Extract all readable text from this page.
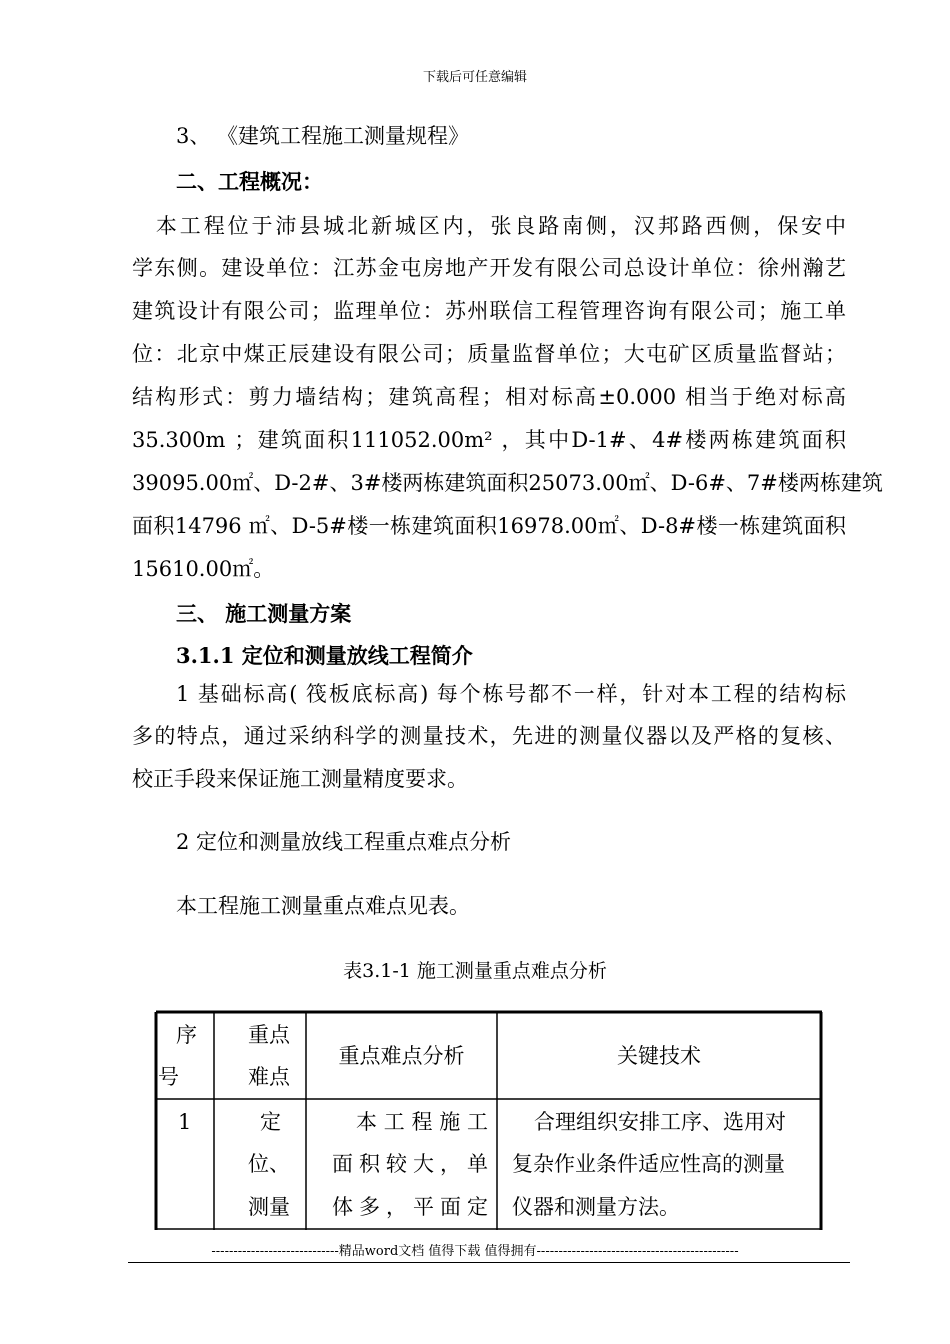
下载后可任意编辑
3、 《建筑工程施工测量规程》
二、工程概况：
　本工程位于沛县城北新城区内，张良路南侧，汉邦路西侧，保安中
学东侧。建设单位：江苏金屯房地产开发有限公司总设计单位：徐州瀚艺
建筑设计有限公司；监理单位：苏州联信工程管理咨询有限公司；施工单
位：北京中煤正辰建设有限公司；质量监督单位；大屯矿区质量监督站；
结构形式：剪力墙结构；建筑高程；相对标高±0.000 相当于绝对标高
35.300m ；建筑面积111052.00m² ，其中D-1#、4#楼两栋建筑面积
39095.00㎡、D-2#、3#楼两栋建筑面积25073.00㎡、D-6#、7#楼两栋建筑
面积14796 ㎡、D-5#楼一栋建筑面积16978.00㎡、D-8#楼一栋建筑面积
15610.00㎡。
三、 施工测量方案
3.1.1 定位和测量放线工程简介
1 基础标高( 筏板底标高) 每个栋号都不一样，针对本工程的结构标
多的特点，通过采纳科学的测量技术，先进的测量仪器以及严格的复核、
校正手段来保证施工测量精度要求。
2 定位和测量放线工程重点难点分析
本工程施工测量重点难点见表。
表3.1-1 施工测量重点难点分析
序
号
重点
难点
重点难点分析	关键技术
1	定
位、
测量
本工程施工
面积较大，单
体多，平面定
合理组织安排工序、选用对
复杂作业条件适应性高的测量
仪器和测量方法。
-----------------------------精品word文档 值得下载 值得拥有----------------------------------------------
